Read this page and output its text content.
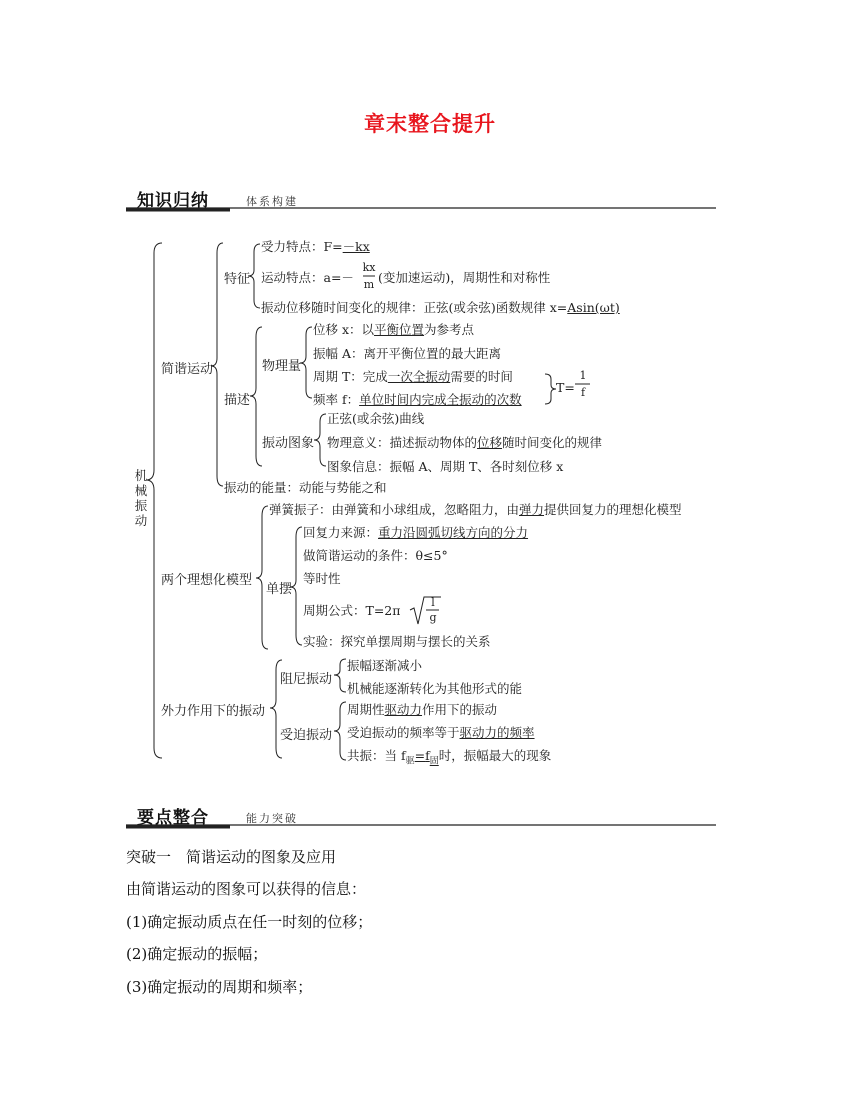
章末整合提升
知识归纳	体系构建
要点整合	能力突破
机械振动
简谐运动
两个理想化模型
外力作用下的振动
特征
描述
振动的能量：动能与势能之和
受力特点：F=－kx
运动特点：a=－
kx
m (变加速运动)，周期性和对称性
振动位移随时间变化的规律：正弦(或余弦)函数规律 x=Asin(ωt)
物理量
位移 x：以平衡位置为参考点
振幅 A：离开平衡位置的最大距离
周期 T：完成一次全振动需要的时间
频率 f：单位时间内完成全振动的次数
T=
1
f
振动图象
正弦(或余弦)曲线
物理意义：描述振动物体的位移随时间变化的规律
图象信息：振幅 A、周期 T、各时刻位移 x
弹簧振子：由弹簧和小球组成，忽略阻力，由弹力提供回复力的理想化模型
单摆
回复力来源：重力沿圆弧切线方向的分力
做简谐运动的条件：θ≤5°
等时性
周期公式：T=2π
l
g
实验：探究单摆周期与摆长的关系
阻尼振动
振幅逐渐减小
机械能逐渐转化为其他形式的能
受迫振动
周期性驱动力作用下的振动
受迫振动的频率等于驱动力的频率
共振：当 $f_驱=f_固$时，振幅最大的现象
突破一　简谐运动的图象及应用
由简谐运动的图象可以获得的信息：
(1)确定振动质点在任一时刻的位移；
(2)确定振动的振幅；
(3)确定振动的周期和频率；
